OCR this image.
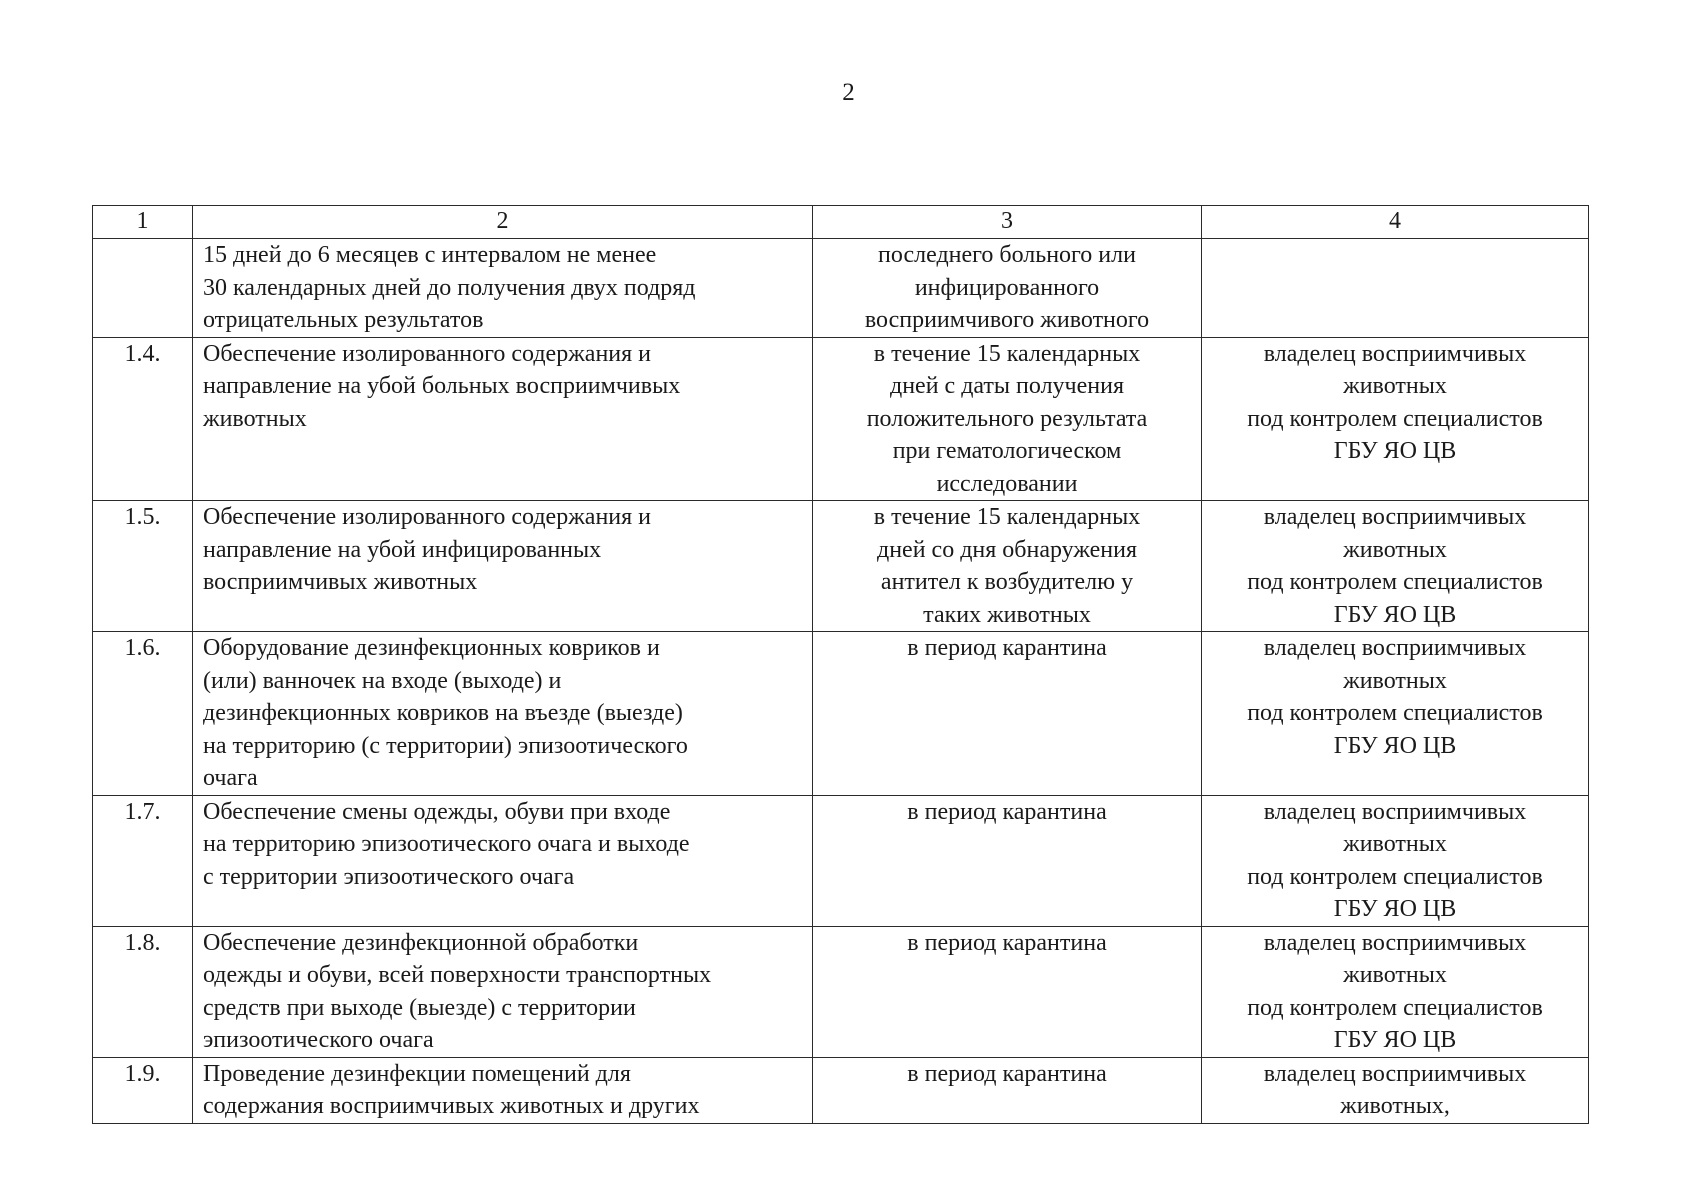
2
1	2	3	4
	15 дней до 6 месяцев с интервалом не менее
30 календарных дней до получения двух подряд
отрицательных результатов	последнего больного или
инфицированного
восприимчивого животного	
1.4.	Обеспечение изолированного содержания и
направление на убой больных восприимчивых
животных	в течение 15 календарных
дней с даты получения
положительного результата
при гематологическом
исследовании	владелец восприимчивых
животных
под контролем специалистов
ГБУ ЯО ЦВ
1.5.	Обеспечение изолированного содержания и
направление на убой инфицированных
восприимчивых животных	в течение 15 календарных
дней со дня обнаружения
антител к возбудителю у
таких животных	владелец восприимчивых
животных
под контролем специалистов
ГБУ ЯО ЦВ
1.6.	Оборудование дезинфекционных ковриков и
(или) ванночек на входе (выходе) и
дезинфекционных ковриков на въезде (выезде)
на территорию (с территории) эпизоотического
очага	в период карантина	владелец восприимчивых
животных
под контролем специалистов
ГБУ ЯО ЦВ
1.7.	Обеспечение смены одежды, обуви при входе
на территорию эпизоотического очага и выходе
с территории эпизоотического очага	в период карантина	владелец восприимчивых
животных
под контролем специалистов
ГБУ ЯО ЦВ
1.8.	Обеспечение дезинфекционной обработки
одежды и обуви, всей поверхности транспортных
средств при выходе (выезде) с территории
эпизоотического очага	в период карантина	владелец восприимчивых
животных
под контролем специалистов
ГБУ ЯО ЦВ
1.9.	Проведение дезинфекции помещений для
содержания восприимчивых животных и других	в период карантина	владелец восприимчивых
животных,
